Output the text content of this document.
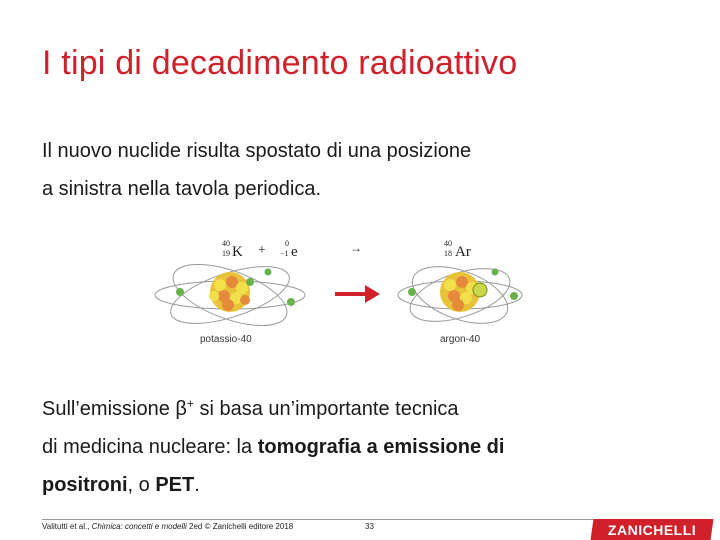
I tipi di decadimento radioattivo
Il nuovo nuclide risulta spostato di una posizione
a sinistra nella tavola periodica.
40
19 K + 0
−1 e	→	40
18 Ar
potassio-40	argon-40
Sull’emissione β+ si basa un’importante tecnica
di medicina nucleare: la tomografia a emissione di
positroni, o PET.
Valitutti et al., Chimica: concetti e modelli 2ed © Zanichelli editore 2018	33	ZANICHELLI
